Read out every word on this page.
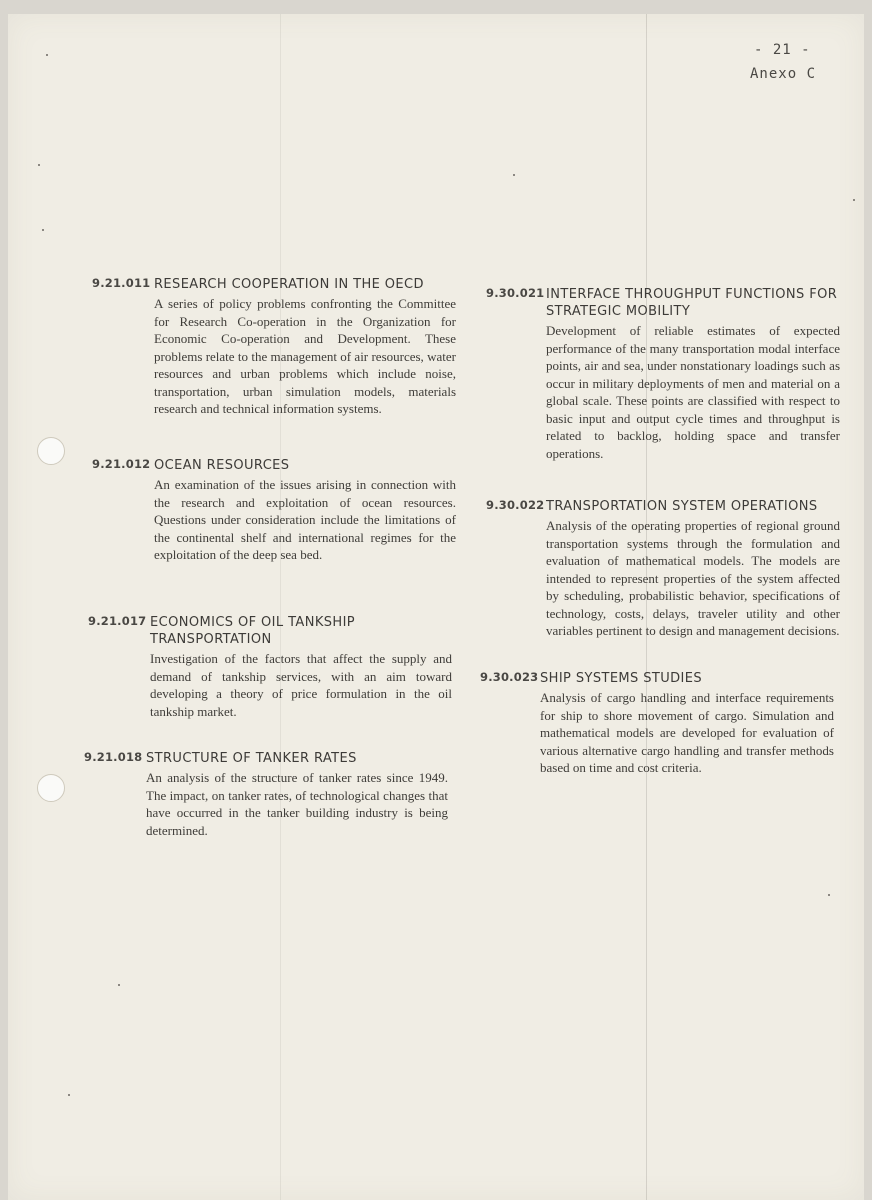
- 21 -
Anexo C
9.21.011 RESEARCH COOPERATION IN THE OECD
A series of policy problems confronting the Committee for Research Co-operation in the Organization for Economic Co-operation and Development. These problems relate to the management of air resources, water resources and urban problems which include noise, transportation, urban simulation models, materials research and technical information systems.
9.21.012 OCEAN RESOURCES
An examination of the issues arising in connection with the research and exploitation of ocean resources. Questions under consideration include the limitations of the continental shelf and international regimes for the exploitation of the deep sea bed.
9.21.017 ECONOMICS OF OIL TANKSHIP TRANSPORTATION
Investigation of the factors that affect the supply and demand of tankship services, with an aim toward developing a theory of price formulation in the oil tankship market.
9.21.018 STRUCTURE OF TANKER RATES
An analysis of the structure of tanker rates since 1949. The impact, on tanker rates, of technological changes that have occurred in the tanker building industry is being determined.
9.30.021 INTERFACE THROUGHPUT FUNCTIONS FOR STRATEGIC MOBILITY
Development of reliable estimates of expected performance of the many transportation modal interface points, air and sea, under nonstationary loadings such as occur in military deployments of men and material on a global scale. These points are classified with respect to basic input and output cycle times and throughput is related to backlog, holding space and transfer operations.
9.30.022 TRANSPORTATION SYSTEM OPERATIONS
Analysis of the operating properties of regional ground transportation systems through the formulation and evaluation of mathematical models. The models are intended to represent properties of the system affected by scheduling, probabilistic behavior, specifications of technology, costs, delays, traveler utility and other variables pertinent to design and management decisions.
9.30.023 SHIP SYSTEMS STUDIES
Analysis of cargo handling and interface requirements for ship to shore movement of cargo. Simulation and mathematical models are developed for evaluation of various alternative cargo handling and transfer methods based on time and cost criteria.
